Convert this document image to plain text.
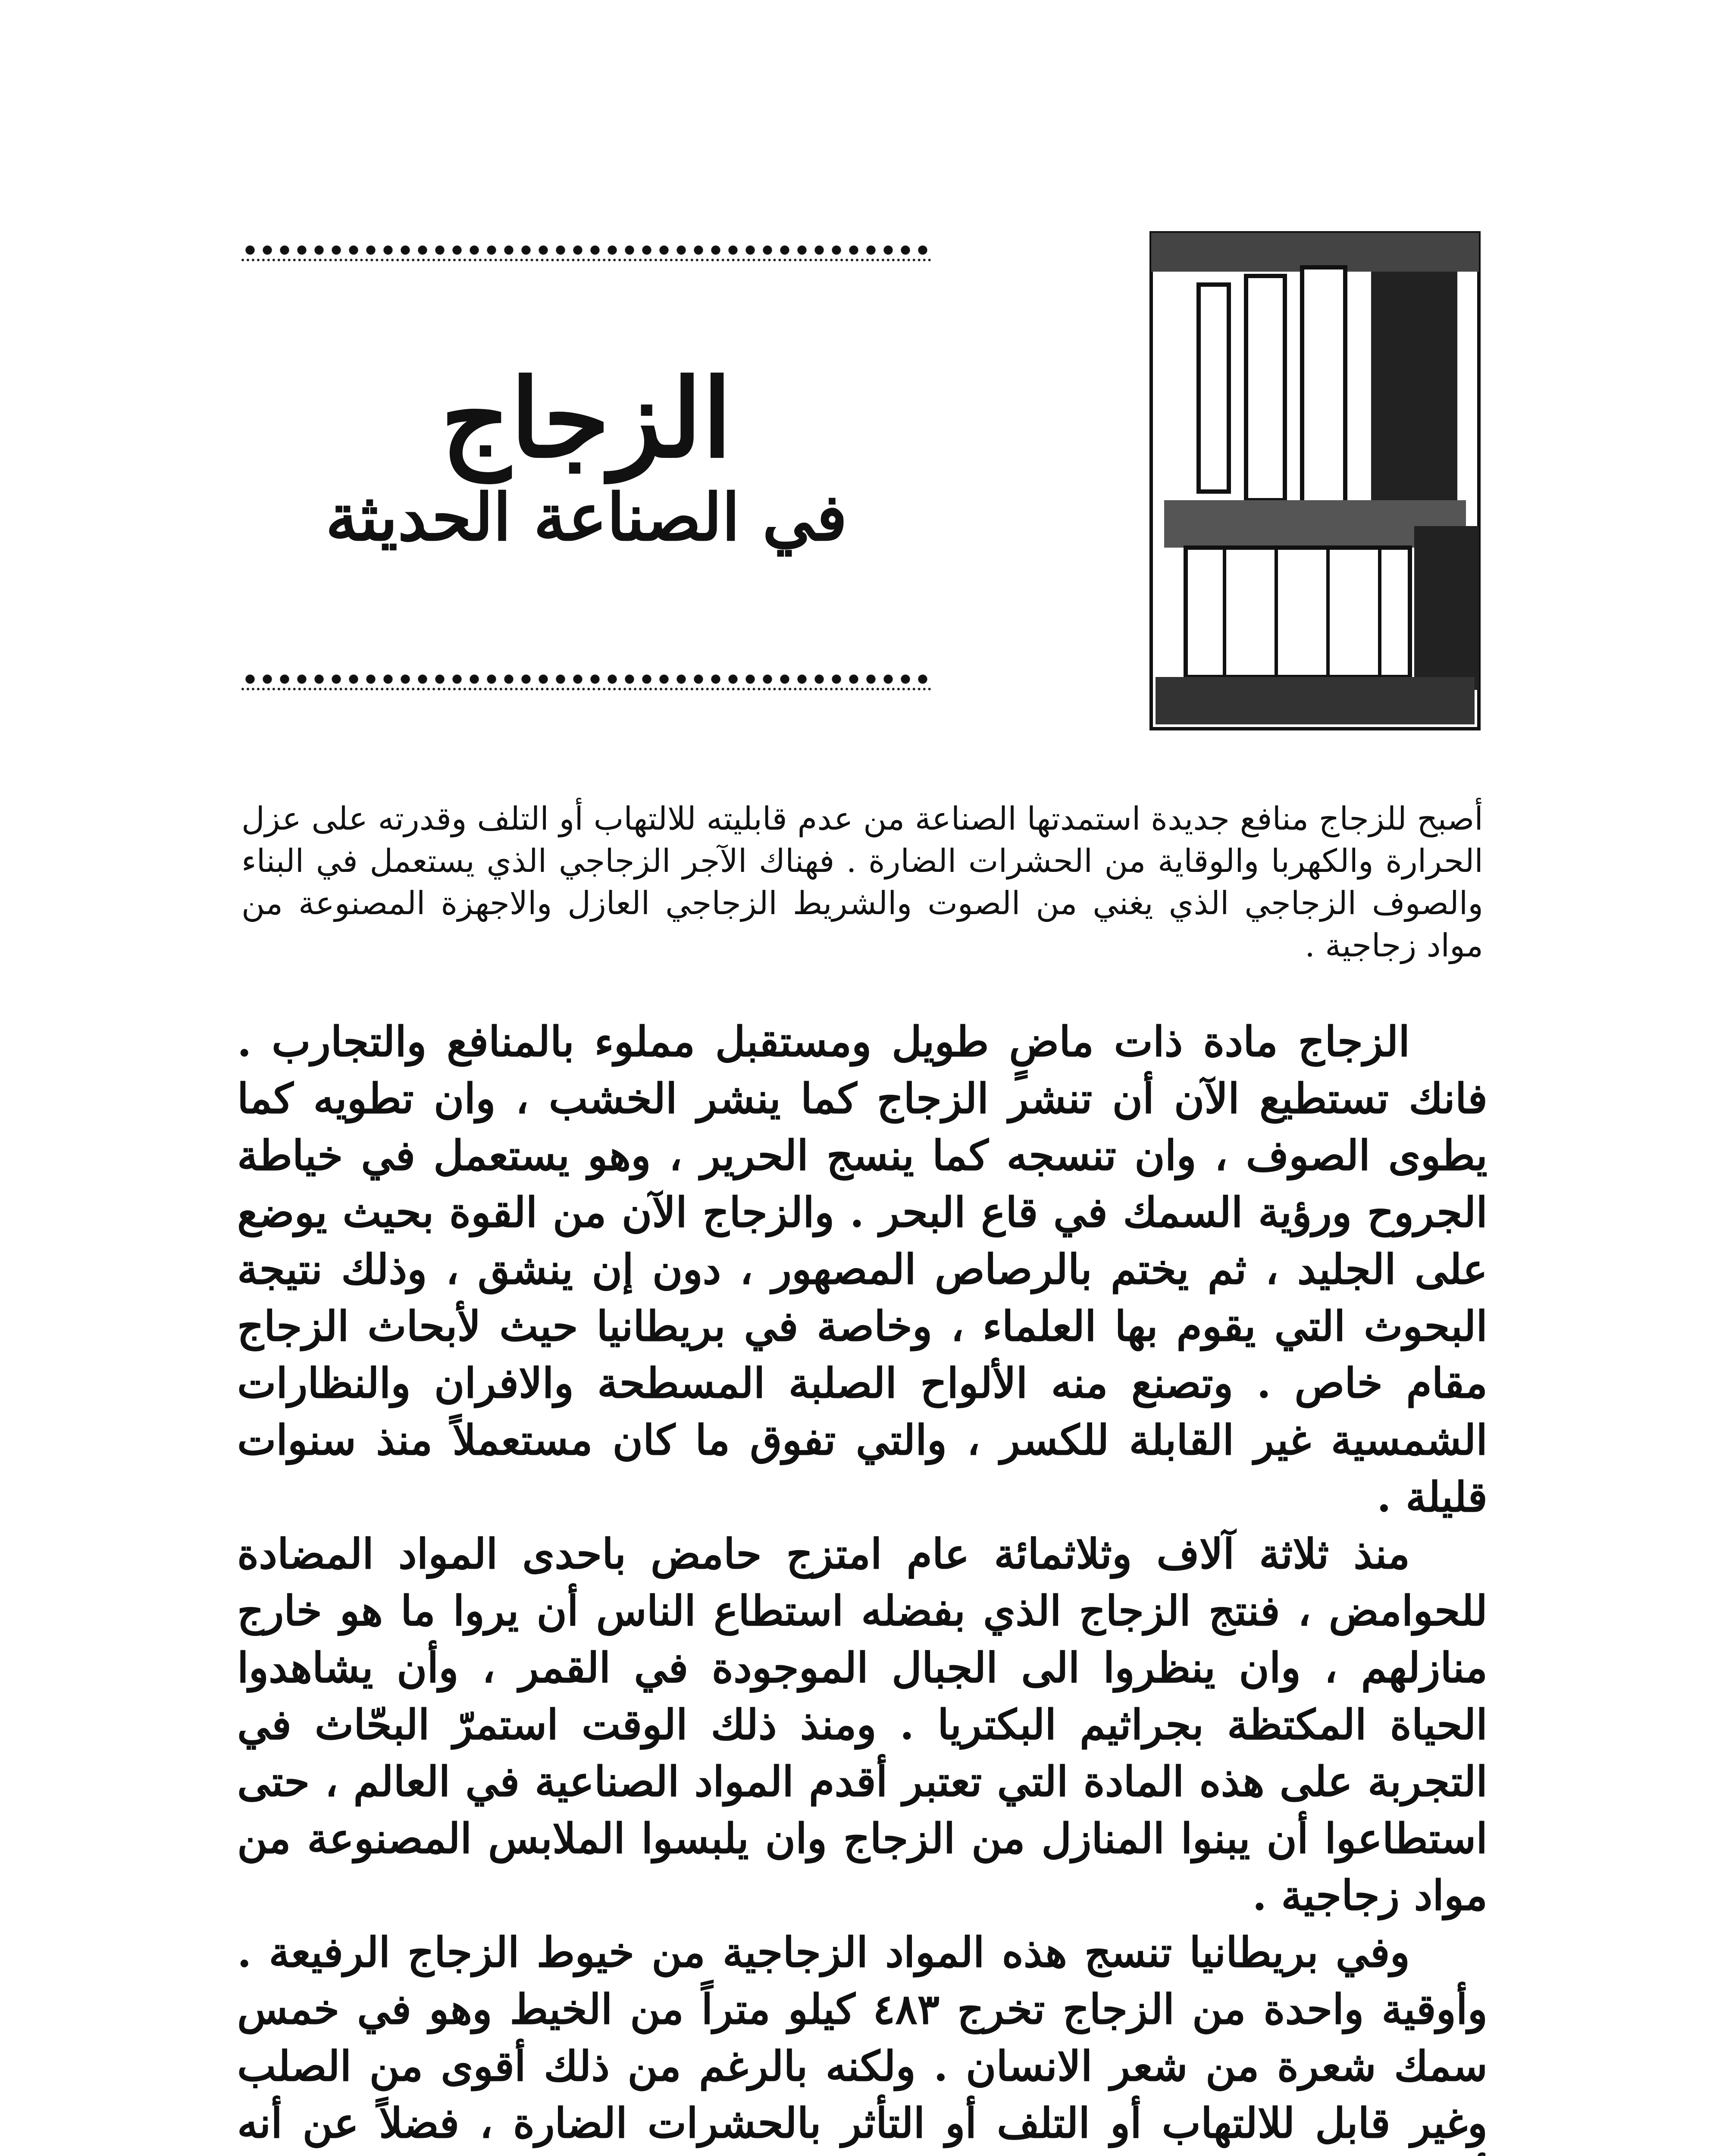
الزجاج
في الصناعة الحديثة
أصبح للزجاج منافع جديدة استمدتها الصناعة من عدم قابليته للالتهاب أو التلف وقدرته على عزل الحرارة والكهربا والوقاية من الحشرات الضارة . فهناك الآجر الزجاجي الذي يستعمل في البناء والصوف الزجاجي الذي يغني من الصوت والشريط الزجاجي العازل والاجهزة المصنوعة من مواد زجاجية .

الزجاج مادة ذات ماضٍ طويل ومستقبل مملوء بالمنافع والتجارب . فانك تستطيع الآن أن تنشر الزجاج كما ينشر الخشب ، وان تطويه كما يطوى الصوف ، وان تنسجه كما ينسج الحرير ، وهو يستعمل في خياطة الجروح ورؤية السمك في قاع البحر . والزجاج الآن من القوة بحيث يوضع على الجليد ، ثم يختم بالرصاص المصهور ، دون إن ينشق ، وذلك نتيجة البحوث التي يقوم بها العلماء ، وخاصة في بريطانيا حيث لأبحاث الزجاج مقام خاص . وتصنع منه الألواح الصلبة المسطحة والافران والنظارات الشمسية غير القابلة للكسر ، والتي تفوق ما كان مستعملاً منذ سنوات قليلة .

منذ ثلاثة آلاف وثلاثمائة عام امتزج حامض باحدى المواد المضادة للحوامض ، فنتج الزجاج الذي بفضله استطاع الناس أن يروا ما هو خارج منازلهم ، وان ينظروا الى الجبال الموجودة في القمر ، وأن يشاهدوا الحياة المكتظة بجراثيم البكتريا . ومنذ ذلك الوقت استمرّ البحّاث في التجربة على هذه المادة التي تعتبر أقدم المواد الصناعية في العالم ، حتى استطاعوا أن يبنوا المنازل من الزجاج وان يلبسوا الملابس المصنوعة من مواد زجاجية .

وفي بريطانيا تنسج هذه المواد الزجاجية من خيوط الزجاج الرفيعة . وأوقية واحدة من الزجاج تخرج ٤٨٣ كيلو متراً من الخيط وهو في خمس سمك شعرة من شعر الانسان . ولكنه بالرغم من ذلك أقوى من الصلب وغير قابل للالتهاب أو التلف أو التأثر بالحشرات الضارة ، فضلاً عن أنه
